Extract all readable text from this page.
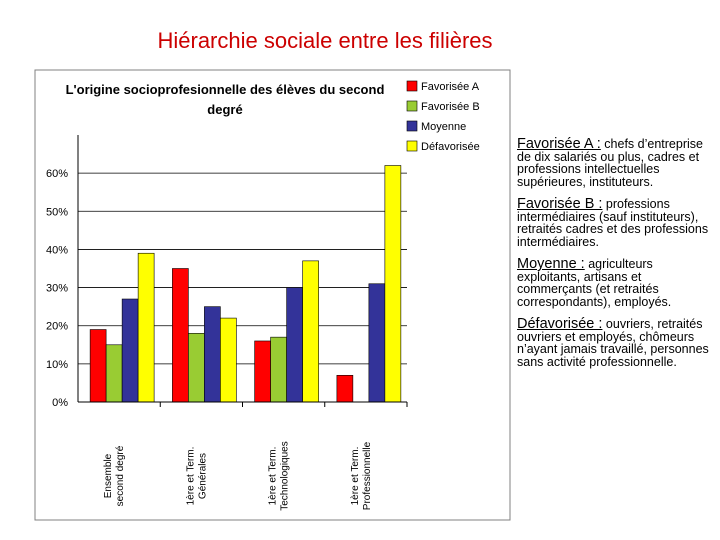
Hiérarchie sociale entre les filières
L'origine socioprofesionnelle des élèves du second
degré
0%
10%
20%
30%
40%
50%
60%
Favorisée A
Favorisée B
Moyenne
Défavorisée
Ensemble second degré	1ère et Term. Générales	1ère et Term. Technologiques	1ère et Term. Professionnelle
Favorisée A : chefs d’entreprise de dix salariés ou plus, cadres et professions intellectuelles supérieures, instituteurs.
Favorisée B : professions intermédiaires (sauf instituteurs), retraités cadres et des professions intermédiaires.
Moyenne : agriculteurs exploitants, artisans et commerçants (et retraités correspondants), employés.
Défavorisée : ouvriers, retraités ouvriers et employés, chômeurs n’ayant jamais travaillé, personnes sans activité professionnelle.
